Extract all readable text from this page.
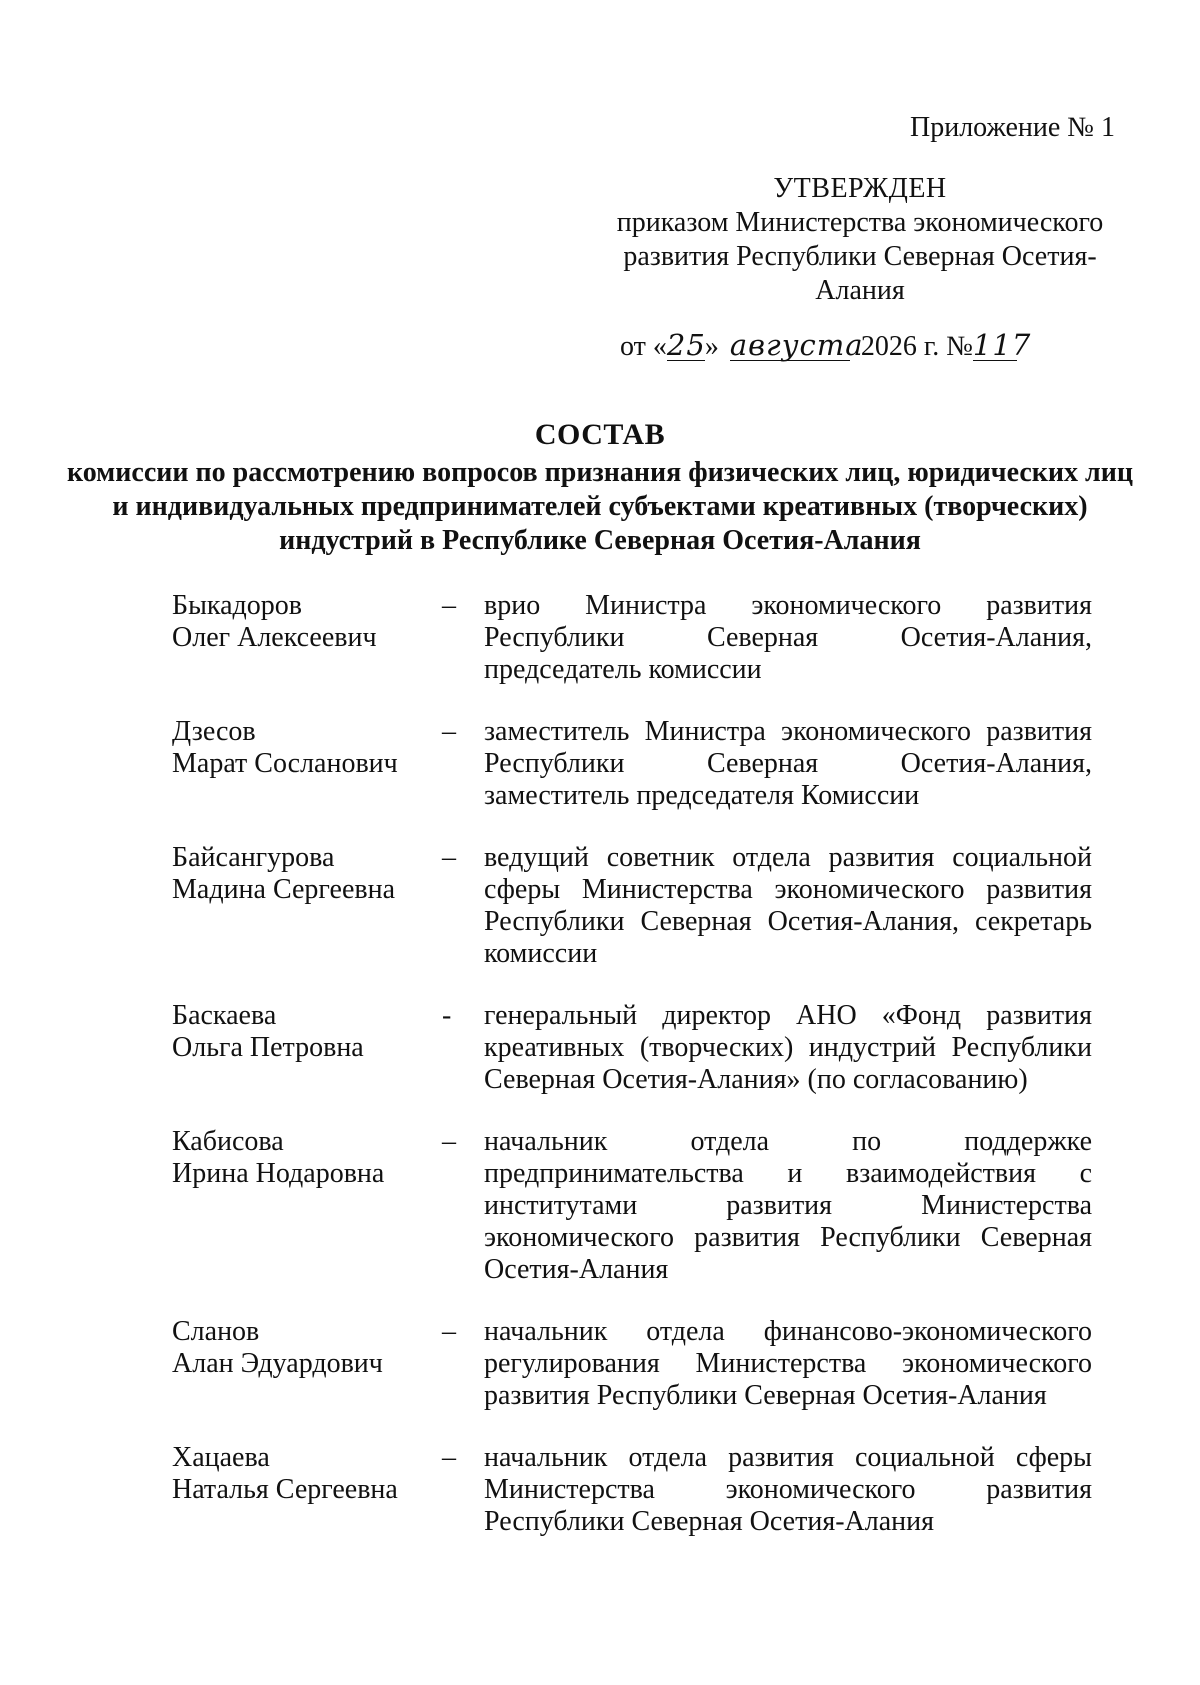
Приложение № 1
УТВЕРЖДЕН
приказом Министерства экономического развития Республики Северная Осетия-Алания
от «25» августа 2026 г. №117
СОСТАВ
комиссии по рассмотрению вопросов признания физических лиц, юридических лиц и индивидуальных предпринимателей субъектами креативных (творческих) индустрий в Республике Северная Осетия-Алания
Быкадоров
Олег Алексеевич
–	врио Министра экономического развития Республики Северная Осетия-Алания, председатель комиссии
Дзесов
Марат Сосланович
–	заместитель Министра экономического развития Республики Северная Осетия-Алания, заместитель председателя Комиссии
Байсангурова
Мадина Сергеевна
–	ведущий советник отдела развития социальной сферы Министерства экономического развития Республики Северная Осетия-Алания, секретарь комиссии
Баскаева
Ольга Петровна
-	генеральный директор АНО «Фонд развития креативных (творческих) индустрий Республики Северная Осетия-Алания» (по согласованию)
Кабисова
Ирина Нодаровна
–	начальник отдела по поддержке предпринимательства и взаимодействия с институтами развития Министерства экономического развития Республики Северная Осетия-Алания
Сланов
Алан Эдуардович
–	начальник отдела финансово-экономического регулирования Министерства экономического развития Республики Северная Осетия-Алания
Хацаева
Наталья Сергеевна
–	начальник отдела развития социальной сферы Министерства экономического развития Республики Северная Осетия-Алания
